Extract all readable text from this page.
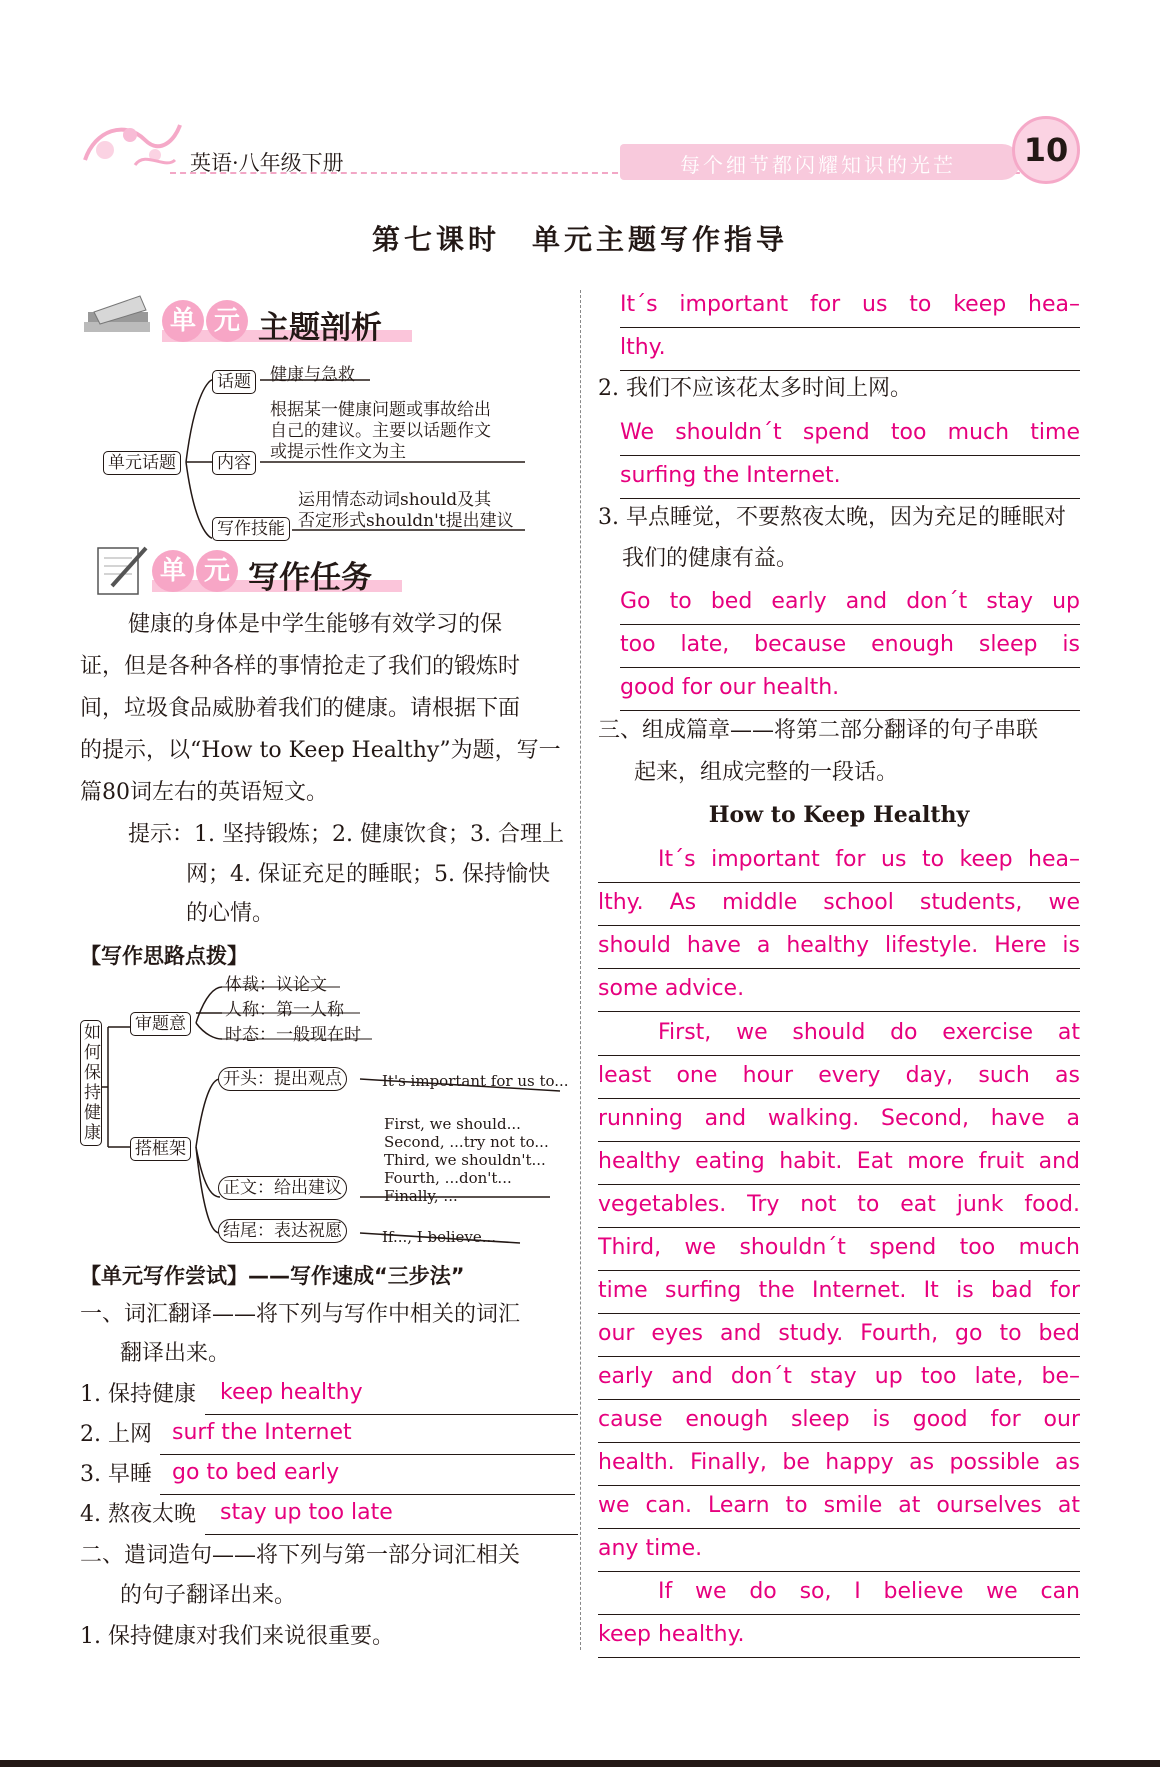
英语·八年级下册	每个细节都闪耀知识的光芒	10
第七课时　单元主题写作指导
单 元 主题剖析
单元话题
话题 健康与急救
内容
根据某一健康问题或事故给出
自己的建议。主要以话题作文
或提示性作文为主
写作技能
运用情态动词should及其
否定形式shouldn't提出建议
单 元 写作任务
健康的身体是中学生能够有效学习的保
证，但是各种各样的事情抢走了我们的锻炼时
间，垃圾食品威胁着我们的健康。请根据下面
的提示，以“How to Keep Healthy”为题，写一
篇80词左右的英语短文。
提示：1. 坚持锻炼；2. 健康饮食；3. 合理上
网；4. 保证充足的睡眠；5. 保持愉快
的心情。
【写作思路点拨】
如何保持健康
审题意
体裁：议论文
人称：第一人称
时态：一般现在时
搭框架
开头：提出观点	It's important for us to...
First, we should...
Second, ...try not to...
Third, we shouldn't...
Fourth, ...don't...
Finally, ...
正文：给出建议
结尾：表达祝愿	If..., I believe...
【单元写作尝试】——写作速成“三步法”
一、词汇翻译——将下列与写作中相关的词汇
翻译出来。
1. 保持健康	keep healthy
2. 上网 surf the Internet
3. 早睡 go to bed early
4. 熬夜太晚	stay up too late
二、遣词造句——将下列与第一部分词汇相关
的句子翻译出来。
1. 保持健康对我们来说很重要。
It´s important for us to keep hea–
lthy.
2. 我们不应该花太多时间上网。
We shouldn´t spend too much time
surfing the Internet.
3. 早点睡觉，不要熬夜太晚，因为充足的睡眠对
我们的健康有益。
Go to bed early and don´t stay up
too late, because enough sleep is
good for our health.
三、组成篇章——将第二部分翻译的句子串联
起来，组成完整的一段话。
How to Keep Healthy
It´s important for us to keep hea–
lthy. As middle school students, we
should have a healthy lifestyle. Here is
some advice.
First, we should do exercise at
least one hour every day, such as
running and walking. Second, have a
healthy eating habit. Eat more fruit and
vegetables. Try not to eat junk food.
Third, we shouldn´t spend too much
time surfing the Internet. It is bad for
our eyes and study. Fourth, go to bed
early and don´t stay up too late, be–
cause enough sleep is good for our
health. Finally, be happy as possible as
we can. Learn to smile at ourselves at
any time.
If we do so, I believe we can
keep healthy.
